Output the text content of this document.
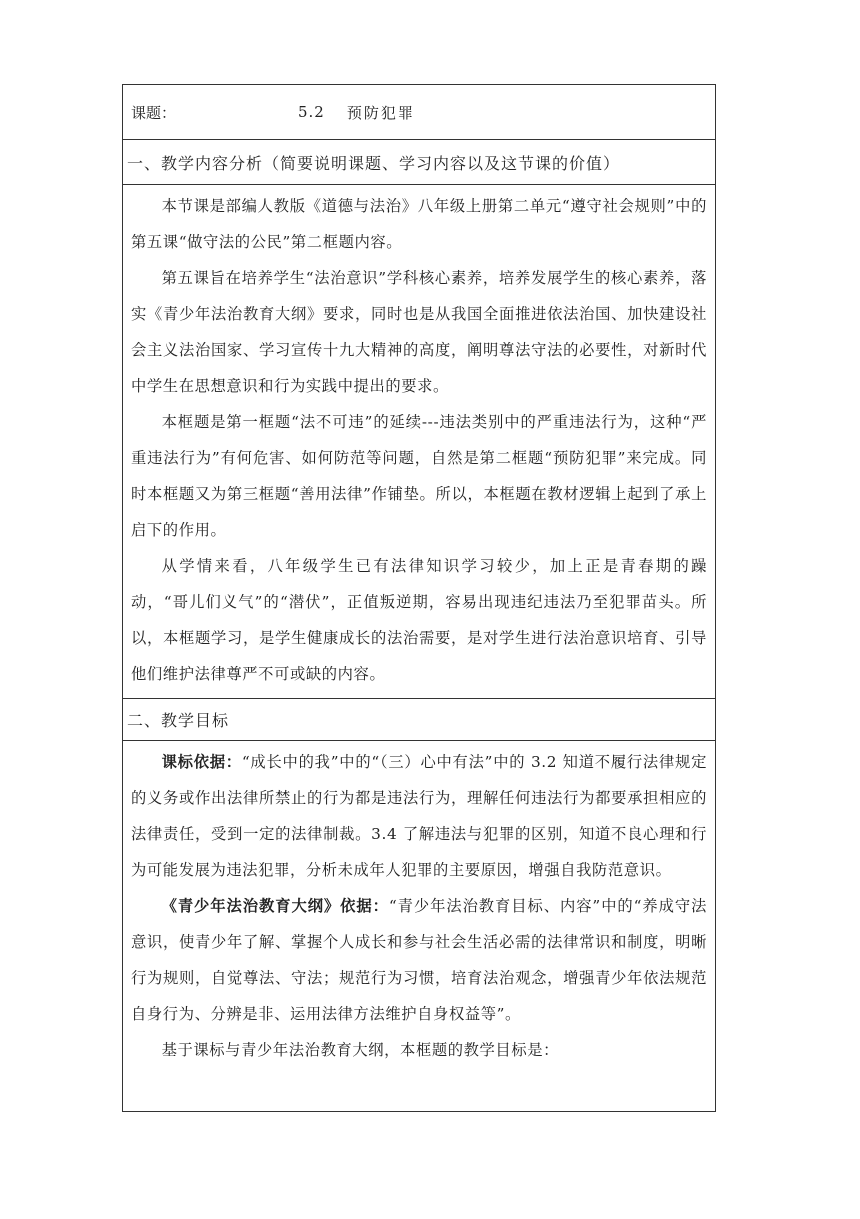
课题：	5.2 预防犯罪
一、教学内容分析（简要说明课题、学习内容以及这节课的价值）

本节课是部编人教版《道德与法治》八年级上册第二单元“遵守社会规则”中的第五课“做守法的公民”第二框题内容。

第五课旨在培养学生“法治意识”学科核心素养，培养发展学生的核心素养，落实《青少年法治教育大纲》要求，同时也是从我国全面推进依法治国、加快建设社会主义法治国家、学习宣传十九大精神的高度，阐明尊法守法的必要性，对新时代中学生在思想意识和行为实践中提出的要求。

本框题是第一框题“法不可违”的延续---违法类别中的严重违法行为，这种“严重违法行为”有何危害、如何防范等问题，自然是第二框题“预防犯罪”来完成。同时本框题又为第三框题“善用法律”作铺垫。所以，本框题在教材逻辑上起到了承上启下的作用。

从学情来看，八年级学生已有法律知识学习较少，加上正是青春期的躁动，“哥儿们义气”的“潜伏”，正值叛逆期，容易出现违纪违法乃至犯罪苗头。所以，本框题学习，是学生健康成长的法治需要，是对学生进行法治意识培育、引导他们维护法律尊严不可或缺的内容。

二、教学目标

课标依据：“成长中的我”中的“（三）心中有法”中的 3.2 知道不履行法律规定的义务或作出法律所禁止的行为都是违法行为，理解任何违法行为都要承担相应的法律责任，受到一定的法律制裁。3.4 了解违法与犯罪的区别，知道不良心理和行为可能发展为违法犯罪，分析未成年人犯罪的主要原因，增强自我防范意识。

《青少年法治教育大纲》依据：“青少年法治教育目标、内容”中的“养成守法意识，使青少年了解、掌握个人成长和参与社会生活必需的法律常识和制度，明晰行为规则，自觉尊法、守法；规范行为习惯，培育法治观念，增强青少年依法规范自身行为、分辨是非、运用法律方法维护自身权益等”。

基于课标与青少年法治教育大纲，本框题的教学目标是：
